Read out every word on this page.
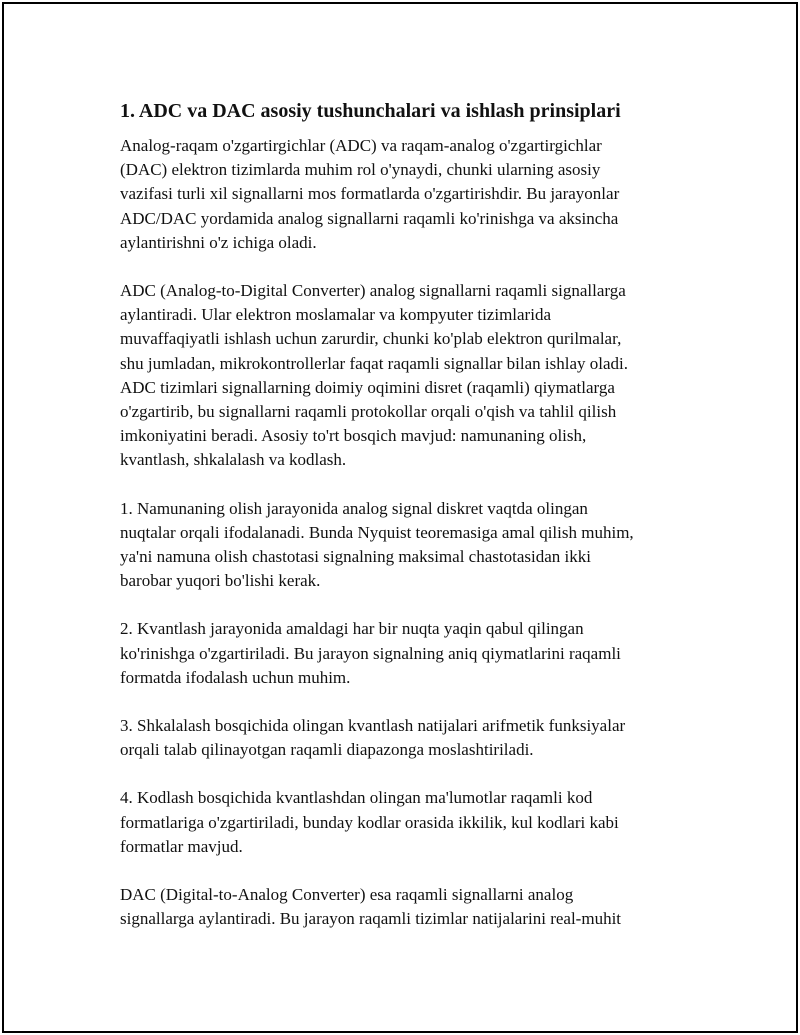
1. ADC va DAC asosiy tushunchalari va ishlash prinsiplari

Analog-raqam o'zgartirgichlar (ADC) va raqam-analog o'zgartirgichlar
(DAC) elektron tizimlarda muhim rol o'ynaydi, chunki ularning asosiy
vazifasi turli xil signallarni mos formatlarda o'zgartirishdir. Bu jarayonlar
ADC/DAC yordamida analog signallarni raqamli ko'rinishga va aksincha
aylantirishni o'z ichiga oladi.

ADC (Analog-to-Digital Converter) analog signallarni raqamli signallarga
aylantiradi. Ular elektron moslamalar va kompyuter tizimlarida
muvaffaqiyatli ishlash uchun zarurdir, chunki ko'plab elektron qurilmalar,
shu jumladan, mikrokontrollerlar faqat raqamli signallar bilan ishlay oladi.
ADC tizimlari signallarning doimiy oqimini disret (raqamli) qiymatlarga
o'zgartirib, bu signallarni raqamli protokollar orqali o'qish va tahlil qilish
imkoniyatini beradi. Asosiy to'rt bosqich mavjud: namunaning olish,
kvantlash, shkalalash va kodlash.

1. Namunaning olish jarayonida analog signal diskret vaqtda olingan
nuqtalar orqali ifodalanadi. Bunda Nyquist teoremasiga amal qilish muhim,
ya'ni namuna olish chastotasi signalning maksimal chastotasidan ikki
barobar yuqori bo'lishi kerak.

2. Kvantlash jarayonida amaldagi har bir nuqta yaqin qabul qilingan
ko'rinishga o'zgartiriladi. Bu jarayon signalning aniq qiymatlarini raqamli
formatda ifodalash uchun muhim.

3. Shkalalash bosqichida olingan kvantlash natijalari arifmetik funksiyalar
orqali talab qilinayotgan raqamli diapazonga moslashtiriladi.

4. Kodlash bosqichida kvantlashdan olingan ma'lumotlar raqamli kod
formatlariga o'zgartiriladi, bunday kodlar orasida ikkilik, kul kodlari kabi
formatlar mavjud.

DAC (Digital-to-Analog Converter) esa raqamli signallarni analog
signallarga aylantiradi. Bu jarayon raqamli tizimlar natijalarini real-muhit
